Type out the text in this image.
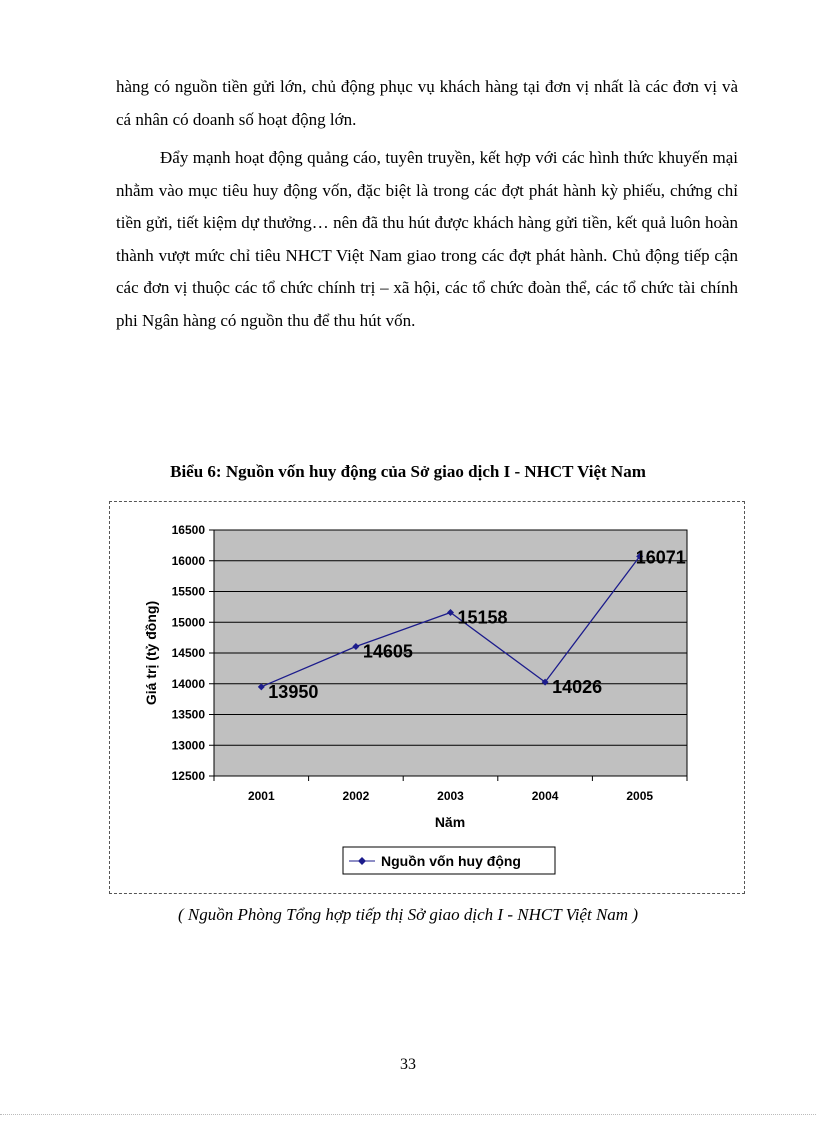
hàng có nguồn tiền gửi lớn, chủ động phục vụ khách hàng tại đơn vị nhất là các đơn vị và cá nhân có doanh số hoạt động lớn.

Đẩy mạnh hoạt động quảng cáo, tuyên truyền, kết hợp với các hình thức khuyến mại nhằm vào mục tiêu huy động vốn, đặc biệt là trong các đợt phát hành kỳ phiếu, chứng chỉ tiền gửi, tiết kiệm dự thưởng… nên đã thu hút được khách hàng gửi tiền, kết quả luôn hoàn thành vượt mức chỉ tiêu NHCT Việt Nam giao trong các đợt phát hành. Chủ động tiếp cận các đơn vị thuộc các tổ chức chính trị – xã hội, các tổ chức đoàn thể, các tổ chức tài chính phi Ngân hàng có nguồn thu để thu hút vốn.

Biểu 6: Nguồn vốn huy động của Sở giao dịch I - NHCT Việt Nam
12500
13000
13500
14000
14500
15000
15500
16000
16500
2001	2002	2003	2004	2005
13950
14605
15158
14026
16071
Năm
Giá trị (tỷ đồng)
Nguồn vốn huy động
( Nguồn Phòng Tổng hợp tiếp thị Sở giao dịch I - NHCT Việt Nam )
33
